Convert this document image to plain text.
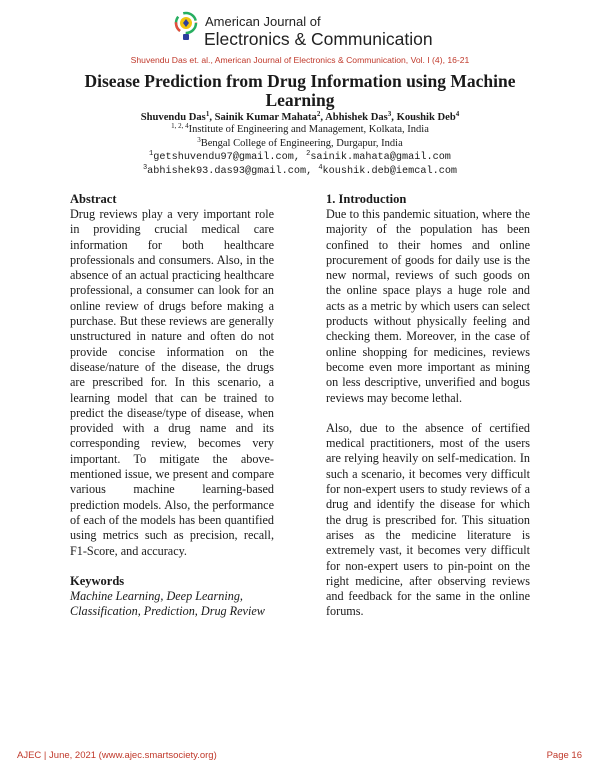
American Journal of
Electronics & Communication
Shuvendu Das et. al., American Journal of Electronics & Communication, Vol. I (4), 16-21
Disease Prediction from Drug Information using Machine Learning
Shuvendu Das$^1$, Sainik Kumar Mahata$^2$, Abhishek Das$^3$, Koushik Deb$^4$
$^{1, 2, 4}$Institute of Engineering and Management, Kolkata, India
$^3$Bengal College of Engineering, Durgapur, India
$^1$getshuvendu97@gmail.com, $^2$sainik.mahata@gmail.com
$^3$abhishek93.das93@gmail.com, $^4$koushik.deb@iemcal.com
Abstract

Drug reviews play a very important role in providing crucial medical care information for both healthcare professionals and consumers. Also, in the absence of an actual practicing healthcare professional, a consumer can look for an online review of drugs before making a purchase. But these reviews are generally unstructured in nature and often do not provide concise information on the disease/nature of the disease, the drugs are prescribed for. In this scenario, a learning model that can be trained to predict the disease/type of disease, when provided with a drug name and its corresponding review, becomes very important. To mitigate the above-mentioned issue, we present and compare various machine learning-based prediction models. Also, the performance of each of the models has been quantified using metrics such as precision, recall, F1-Score, and accuracy.

Keywords

Machine Learning, Deep Learning, Classification, Prediction, Drug Review

1. Introduction

Due to this pandemic situation, where the majority of the population has been confined to their homes and online procurement of goods for daily use is the new normal, reviews of such goods on the online space plays a huge role and acts as a metric by which users can select products without physically feeling and checking them. Moreover, in the case of online shopping for medicines, reviews become even more important as mining on less descriptive, unverified and bogus reviews may become lethal.

Also, due to the absence of certified medical practitioners, most of the users are relying heavily on self-medication. In such a scenario, it becomes very difficult for non-expert users to study reviews of a drug and identify the disease for which the drug is prescribed for. This situation arises as the medicine literature is extremely vast, it becomes very difficult for non-expert users to pin-point on the right medicine, after observing reviews and feedback for the same in the online forums.

AJEC | June, 2021 (www.ajec.smartsociety.org)	Page 16
